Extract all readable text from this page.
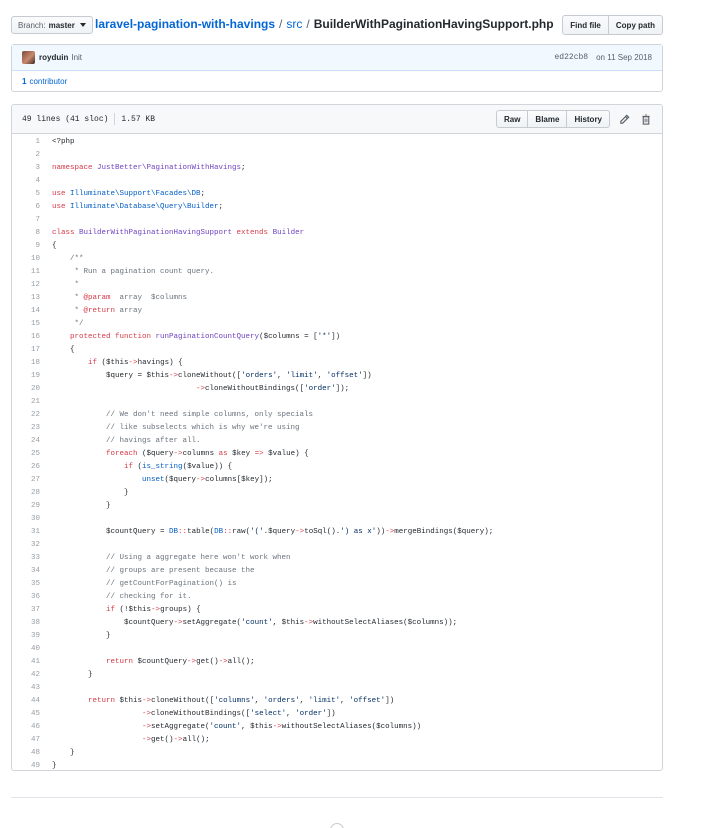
Branch: master laravel-pagination-with-havings / src / BuilderWithPaginationHavingSupport.php	Find file	Copy path
royduin Init	ed22cb8 on 11 Sep 2018
1 contributor
49 lines (41 sloc) 1.57 KB	Raw	Blame	History
1	<?php
2
3	namespace JustBetter\PaginationWithHavings;
4
5	use Illuminate\Support\Facades\DB;
6	use Illuminate\Database\Query\Builder;
7
8	class BuilderWithPaginationHavingSupport extends Builder
9	{
10	/**
11	* Run a pagination count query.
12	*
13	* @param  array  $columns
14	* @return array
15	*/
16	protected function runPaginationCountQuery($columns = ['*'])
17	{
18	if ($this->havings) {
19	$query = $this->cloneWithout(['orders', 'limit', 'offset'])
20	->cloneWithoutBindings(['order']);
21
22	// We don't need simple columns, only specials
23	// like subselects which is why we're using
24	// havings after all.
25	foreach ($query->columns as $key => $value) {
26	if (is_string($value)) {
27	unset($query->columns[$key]);
28	}
29	}
30
31	$countQuery = DB::table(DB::raw('('.$query->toSql().') as x'))->mergeBindings($query);
32
33	// Using a aggregate here won't work when
34	// groups are present because the
35	// getCountForPagination() is
36	// checking for it.
37	if (!$this->groups) {
38	$countQuery->setAggregate('count', $this->withoutSelectAliases($columns));
39	}
40
41	return $countQuery->get()->all();
42	}
43
44	return $this->cloneWithout(['columns', 'orders', 'limit', 'offset'])
45	->cloneWithoutBindings(['select', 'order'])
46	->setAggregate('count', $this->withoutSelectAliases($columns))
47	->get()->all();
48	}
49	}
